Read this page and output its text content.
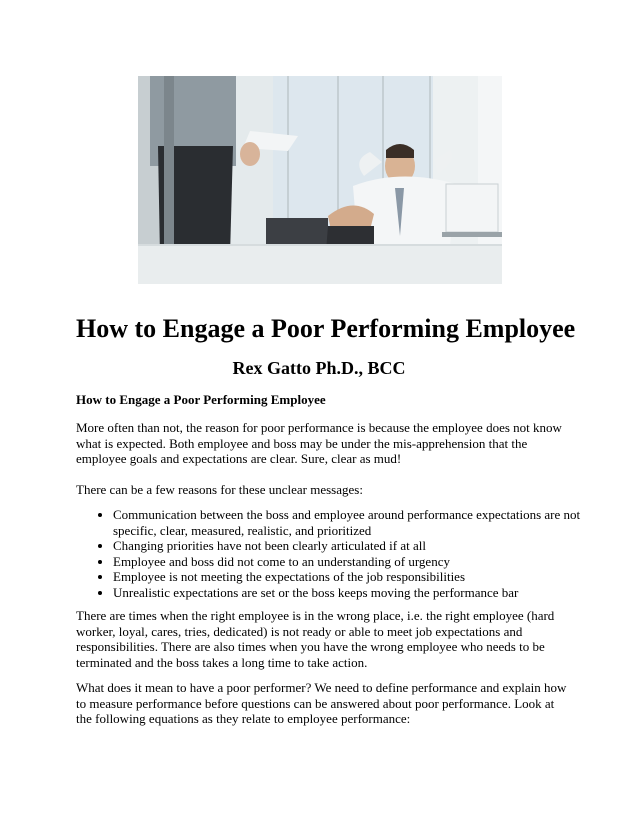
How to Engage a Poor Performing Employee

Rex Gatto Ph.D., BCC

How to Engage a Poor Performing Employee

More often than not, the reason for poor performance is because the employee does not know what is expected. Both employee and boss may be under the mis-apprehension that the employee goals and expectations are clear. Sure, clear as mud!

There can be a few reasons for these unclear messages:

• Communication between the boss and employee around performance expectations are not specific, clear, measured, realistic, and prioritized
• Changing priorities have not been clearly articulated if at all
• Employee and boss did not come to an understanding of urgency
• Employee is not meeting the expectations of the job responsibilities
• Unrealistic expectations are set or the boss keeps moving the performance bar

There are times when the right employee is in the wrong place, i.e. the right employee (hard worker, loyal, cares, tries, dedicated) is not ready or able to meet job expectations and responsibilities. There are also times when you have the wrong employee who needs to be terminated and the boss takes a long time to take action.

What does it mean to have a poor performer? We need to define performance and explain how to measure performance before questions can be answered about poor performance. Look at the following equations as they relate to employee performance:
